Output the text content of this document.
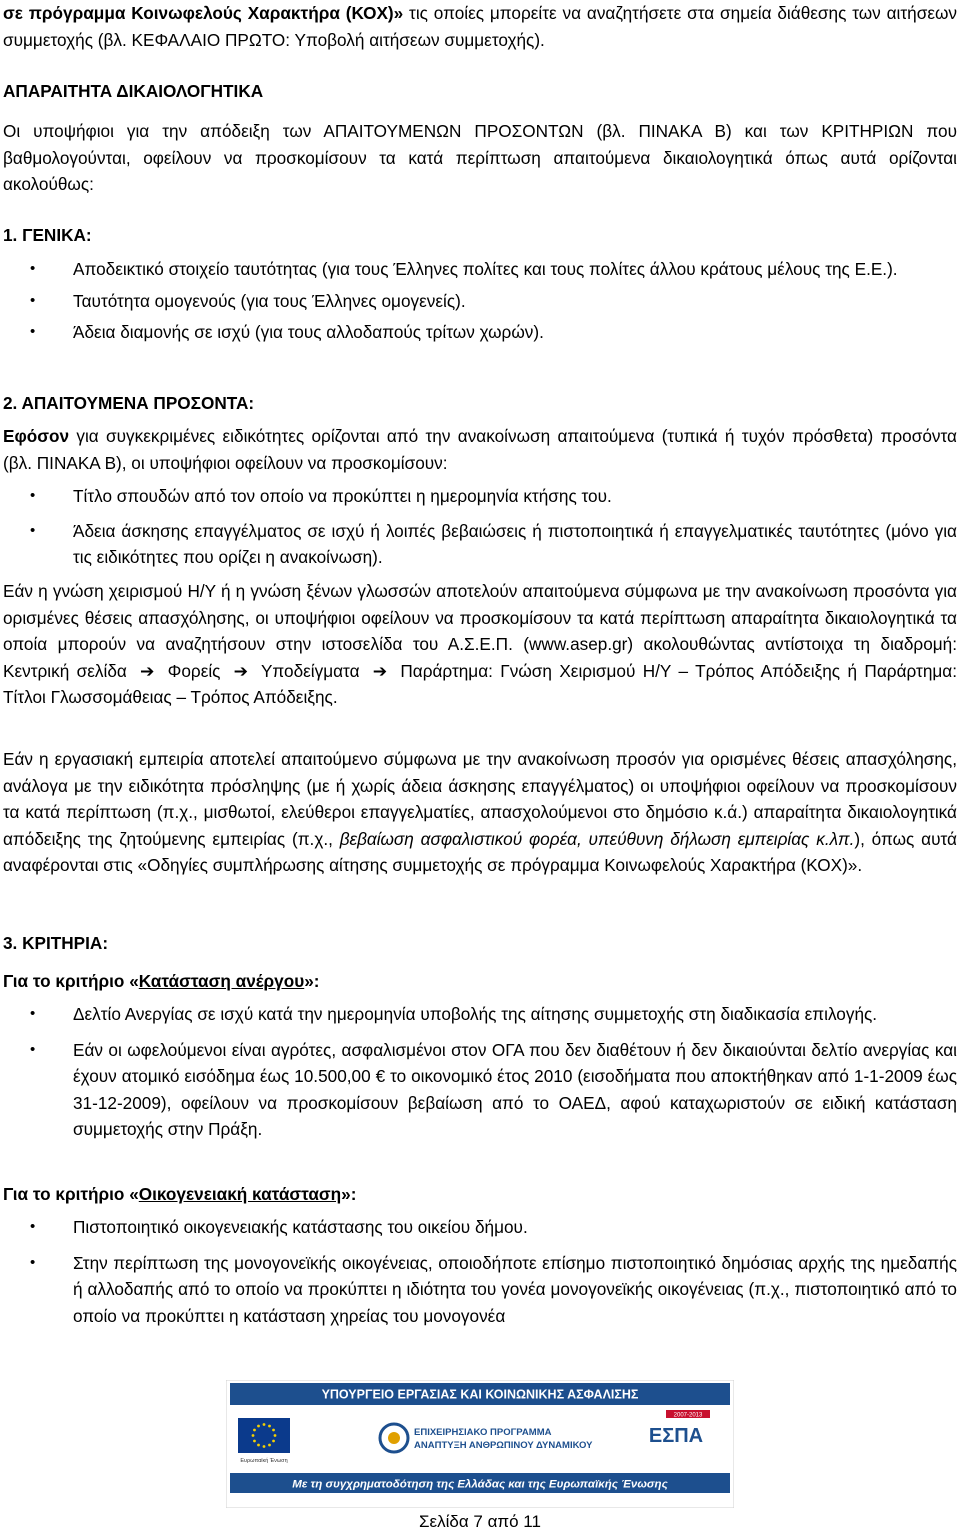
σε πρόγραμμα Κοινωφελούς Χαρακτήρα (ΚΟΧ)» τις οποίες μπορείτε να αναζητήσετε στα σημεία διάθεσης των αιτήσεων συμμετοχής (βλ. ΚΕΦΑΛΑΙΟ ΠΡΩΤΟ: Υποβολή αιτήσεων συμμετοχής).

ΑΠΑΡΑΙΤΗΤΑ ΔΙΚΑΙΟΛΟΓΗΤΙΚΑ

Οι υποψήφιοι για την απόδειξη των ΑΠΑΙΤΟΥΜΕΝΩΝ ΠΡΟΣΟΝΤΩΝ (βλ. ΠΙΝΑΚΑ Β) και των ΚΡΙΤΗΡΙΩΝ που βαθμολογούνται, οφείλουν να προσκομίσουν τα κατά περίπτωση απαιτούμενα δικαιολογητικά όπως αυτά ορίζονται ακολούθως:

1. ΓΕΝΙΚΑ:

• Αποδεικτικό στοιχείο ταυτότητας (για τους Έλληνες πολίτες και τους πολίτες άλλου κράτους μέλους της Ε.Ε.).
• Ταυτότητα ομογενούς (για τους Έλληνες ομογενείς).
• Άδεια διαμονής σε ισχύ (για τους αλλοδαπούς τρίτων χωρών).

2. ΑΠΑΙΤΟΥΜΕΝΑ ΠΡΟΣΟΝΤΑ:

Εφόσον για συγκεκριμένες ειδικότητες ορίζονται από την ανακοίνωση απαιτούμενα (τυπικά ή τυχόν πρόσθετα) προσόντα (βλ. ΠΙΝΑΚΑ Β), οι υποψήφιοι οφείλουν να προσκομίσουν:

• Τίτλο σπουδών από τον οποίο να προκύπτει η ημερομηνία κτήσης του.
• Άδεια άσκησης επαγγέλματος σε ισχύ ή λοιπές βεβαιώσεις ή πιστοποιητικά ή επαγγελματικές ταυτότητες (μόνο για τις ειδικότητες που ορίζει η ανακοίνωση).

Εάν η γνώση χειρισμού Η/Υ ή η γνώση ξένων γλωσσών αποτελούν απαιτούμενα σύμφωνα με την ανακοίνωση προσόντα για ορισμένες θέσεις απασχόλησης, οι υποψήφιοι οφείλουν να προσκομίσουν τα κατά περίπτωση απαραίτητα δικαιολογητικά τα οποία μπορούν να αναζητήσουν στην ιστοσελίδα του Α.Σ.Ε.Π. (www.asep.gr) ακολουθώντας αντίστοιχα τη διαδρομή: Κεντρική σελίδα ➔ Φορείς ➔ Υποδείγματα ➔ Παράρτημα: Γνώση Χειρισμού Η/Υ – Τρόπος Απόδειξης ή Παράρτημα: Τίτλοι Γλωσσομάθειας – Τρόπος Απόδειξης.

Εάν η εργασιακή εμπειρία αποτελεί απαιτούμενο σύμφωνα με την ανακοίνωση προσόν για ορισμένες θέσεις απασχόλησης, ανάλογα με την ειδικότητα πρόσληψης (με ή χωρίς άδεια άσκησης επαγγέλματος) οι υποψήφιοι οφείλουν να προσκομίσουν τα κατά περίπτωση (π.χ., μισθωτοί, ελεύθεροι επαγγελματίες, απασχολούμενοι στο δημόσιο κ.ά.) απαραίτητα δικαιολογητικά απόδειξης της ζητούμενης εμπειρίας (π.χ., βεβαίωση ασφαλιστικού φορέα, υπεύθυνη δήλωση εμπειρίας κ.λπ.), όπως αυτά αναφέρονται στις «Οδηγίες συμπλήρωσης αίτησης συμμετοχής σε πρόγραμμα Κοινωφελούς Χαρακτήρα (ΚΟΧ)».

3. ΚΡΙΤΗΡΙΑ:

Για το κριτήριο «Κατάσταση ανέργου»:

• Δελτίο Ανεργίας σε ισχύ κατά την ημερομηνία υποβολής της αίτησης συμμετοχής στη διαδικασία επιλογής.
• Εάν οι ωφελούμενοι είναι αγρότες, ασφαλισμένοι στον ΟΓΑ που δεν διαθέτουν ή δεν δικαιούνται δελτίο ανεργίας και έχουν ατομικό εισόδημα έως 10.500,00 € το οικονομικό έτος 2010 (εισοδήματα που αποκτήθηκαν από 1-1-2009 έως 31-12-2009), οφείλουν να προσκομίσουν βεβαίωση από το ΟΑΕΔ, αφού καταχωριστούν σε ειδική κατάσταση συμμετοχής στην Πράξη.

Για το κριτήριο «Οικογενειακή κατάσταση»:

• Πιστοποιητικό οικογενειακής κατάστασης του οικείου δήμου.
• Στην περίπτωση της μονογονεϊκής οικογένειας, οποιοδήποτε επίσημο πιστοποιητικό δημόσιας αρχής της ημεδαπής ή αλλοδαπής από το οποίο να προκύπτει η ιδιότητα του γονέα μονογονεϊκής οικογένειας (π.χ., πιστοποιητικό από το οποίο να προκύπτει η κατάσταση χηρείας του μονογονέα
ΥΠΟΥΡΓΕΙΟ ΕΡΓΑΣΙΑΣ ΚΑΙ ΚΟΙΝΩΝΙΚΗΣ ΑΣΦΑΛΙΣΗΣ
Ευρωπαϊκή Ένωση
ΕΠΙΧΕΙΡΗΣΙΑΚΟ ΠΡΟΓΡΑΜΜΑ
ΑΝΑΠΤΥΞΗ ΑΝΘΡΩΠΙΝΟΥ ΔΥΝΑΜΙΚΟΥ	ΕΣΠΑ
2007-2013
Με τη συγχρηματοδότηση της Ελλάδας και της Ευρωπαϊκής Ένωσης
Σελίδα 7 από 11
